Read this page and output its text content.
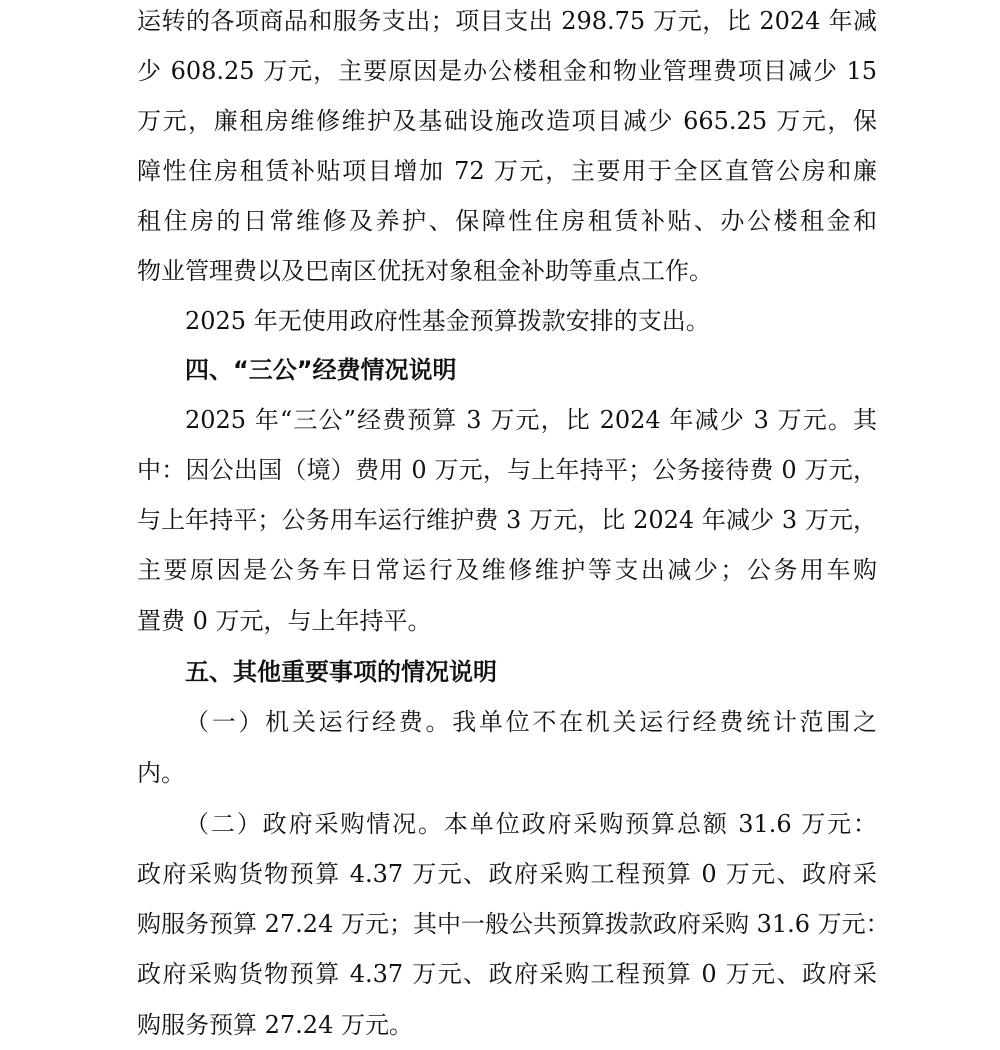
运转的各项商品和服务支出；项目支出 298.75 万元，比 2024 年减
少 608.25 万元，主要原因是办公楼租金和物业管理费项目减少 15
万元，廉租房维修维护及基础设施改造项目减少 665.25 万元，保
障性住房租赁补贴项目增加 72 万元，主要用于全区直管公房和廉
租住房的日常维修及养护、保障性住房租赁补贴、办公楼租金和
物业管理费以及巴南区优抚对象租金补助等重点工作。
2025 年无使用政府性基金预算拨款安排的支出。
四、“三公”经费情况说明
2025 年“三公”经费预算 3 万元，比 2024 年减少 3 万元。其
中：因公出国（境）费用 0 万元，与上年持平；公务接待费 0 万元，
与上年持平；公务用车运行维护费 3 万元，比 2024 年减少 3 万元，
主要原因是公务车日常运行及维修维护等支出减少；公务用车购
置费 0 万元，与上年持平。
五、其他重要事项的情况说明
（一）机关运行经费。我单位不在机关运行经费统计范围之
内。
（二）政府采购情况。本单位政府采购预算总额 31.6 万元：
政府采购货物预算 4.37 万元、政府采购工程预算 0 万元、政府采
购服务预算 27.24 万元；其中一般公共预算拨款政府采购 31.6 万元：
政府采购货物预算 4.37 万元、政府采购工程预算 0 万元、政府采
购服务预算 27.24 万元。
